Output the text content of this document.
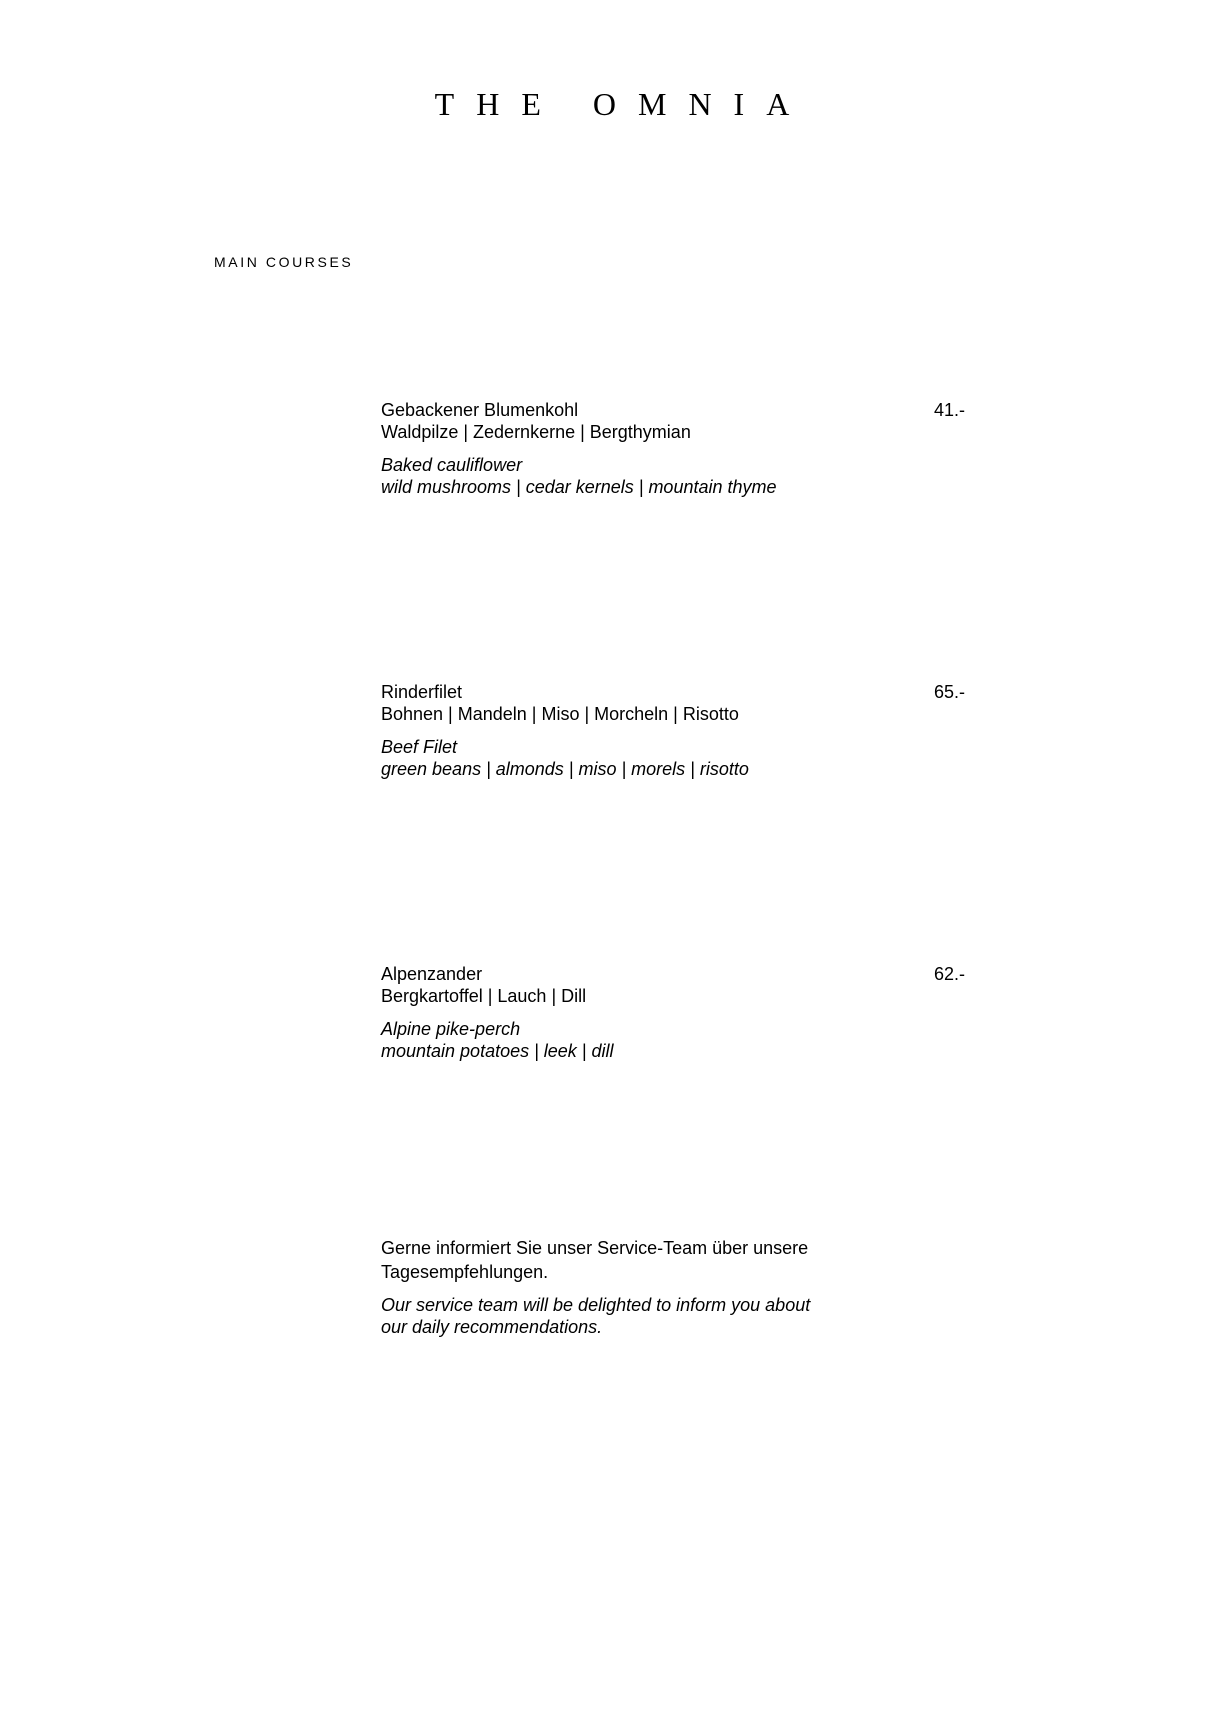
THE OMNIA
MAIN COURSES
Gebackener Blumenkohl
Waldpilze | Zedernkerne | Bergthymian
Baked cauliflower
wild mushrooms | cedar kernels | mountain thyme
41.-
Rinderfilet
Bohnen | Mandeln | Miso | Morcheln | Risotto
Beef Filet
green beans | almonds | miso | morels | risotto
65.-
Alpenzander
Bergkartoffel | Lauch | Dill
Alpine pike-perch
mountain potatoes | leek | dill
62.-
Gerne informiert Sie unser Service-Team über unsere Tagesempfehlungen.
Our service team will be delighted to inform you about our daily recommendations.
